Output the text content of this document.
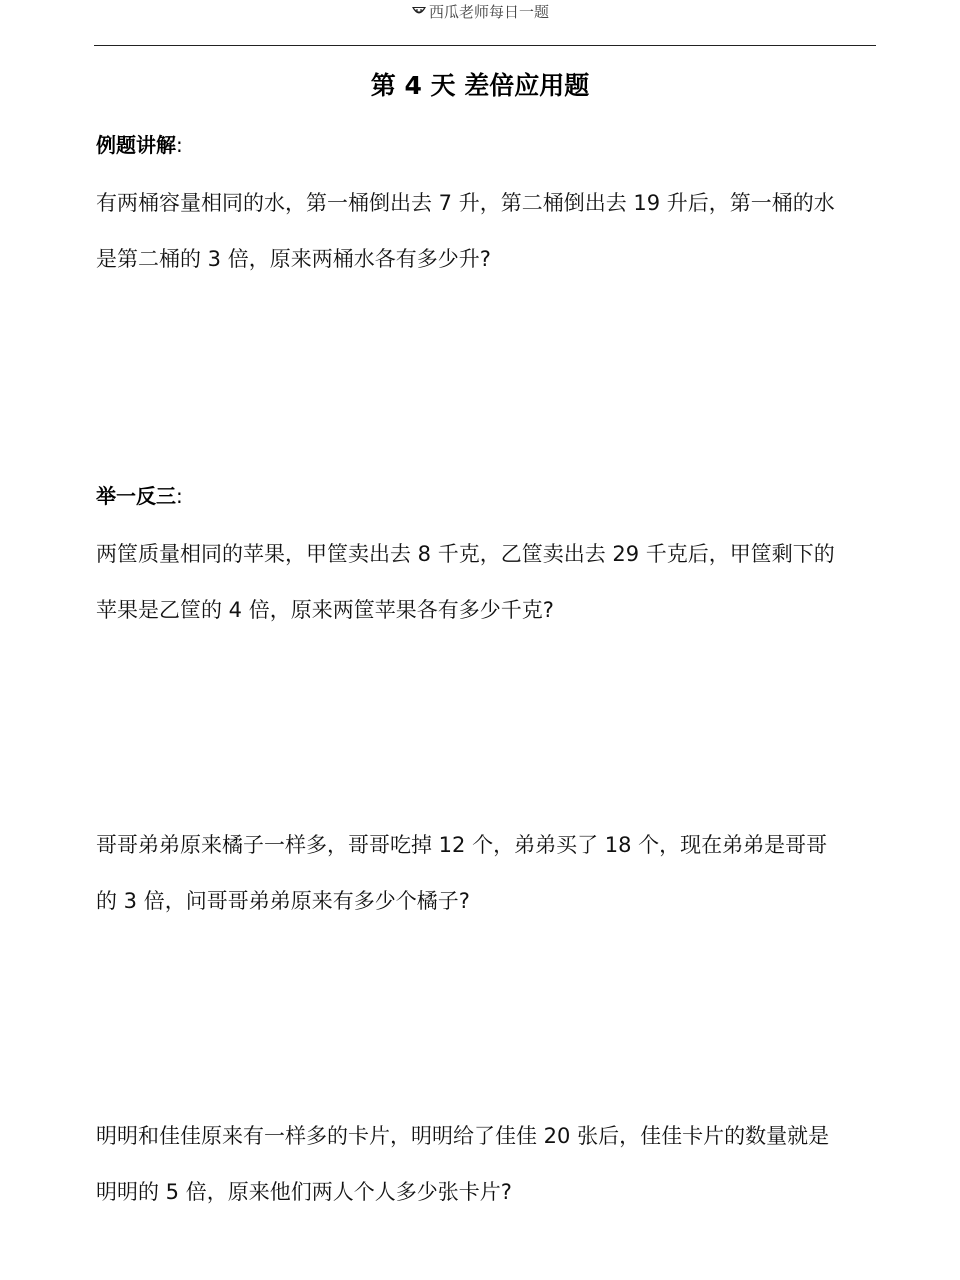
西瓜老师每日一题
第 4 天 差倍应用题
例题讲解:
有两桶容量相同的水，第一桶倒出去 7 升，第二桶倒出去 19 升后，第一桶的水
是第二桶的 3 倍，原来两桶水各有多少升?
举一反三:
两筐质量相同的苹果，甲筐卖出去 8 千克，乙筐卖出去 29 千克后，甲筐剩下的
苹果是乙筐的 4 倍，原来两筐苹果各有多少千克?
哥哥弟弟原来橘子一样多，哥哥吃掉 12 个，弟弟买了 18 个，现在弟弟是哥哥
的 3 倍，问哥哥弟弟原来有多少个橘子?
明明和佳佳原来有一样多的卡片，明明给了佳佳 20 张后，佳佳卡片的数量就是
明明的 5 倍，原来他们两人个人多少张卡片?
